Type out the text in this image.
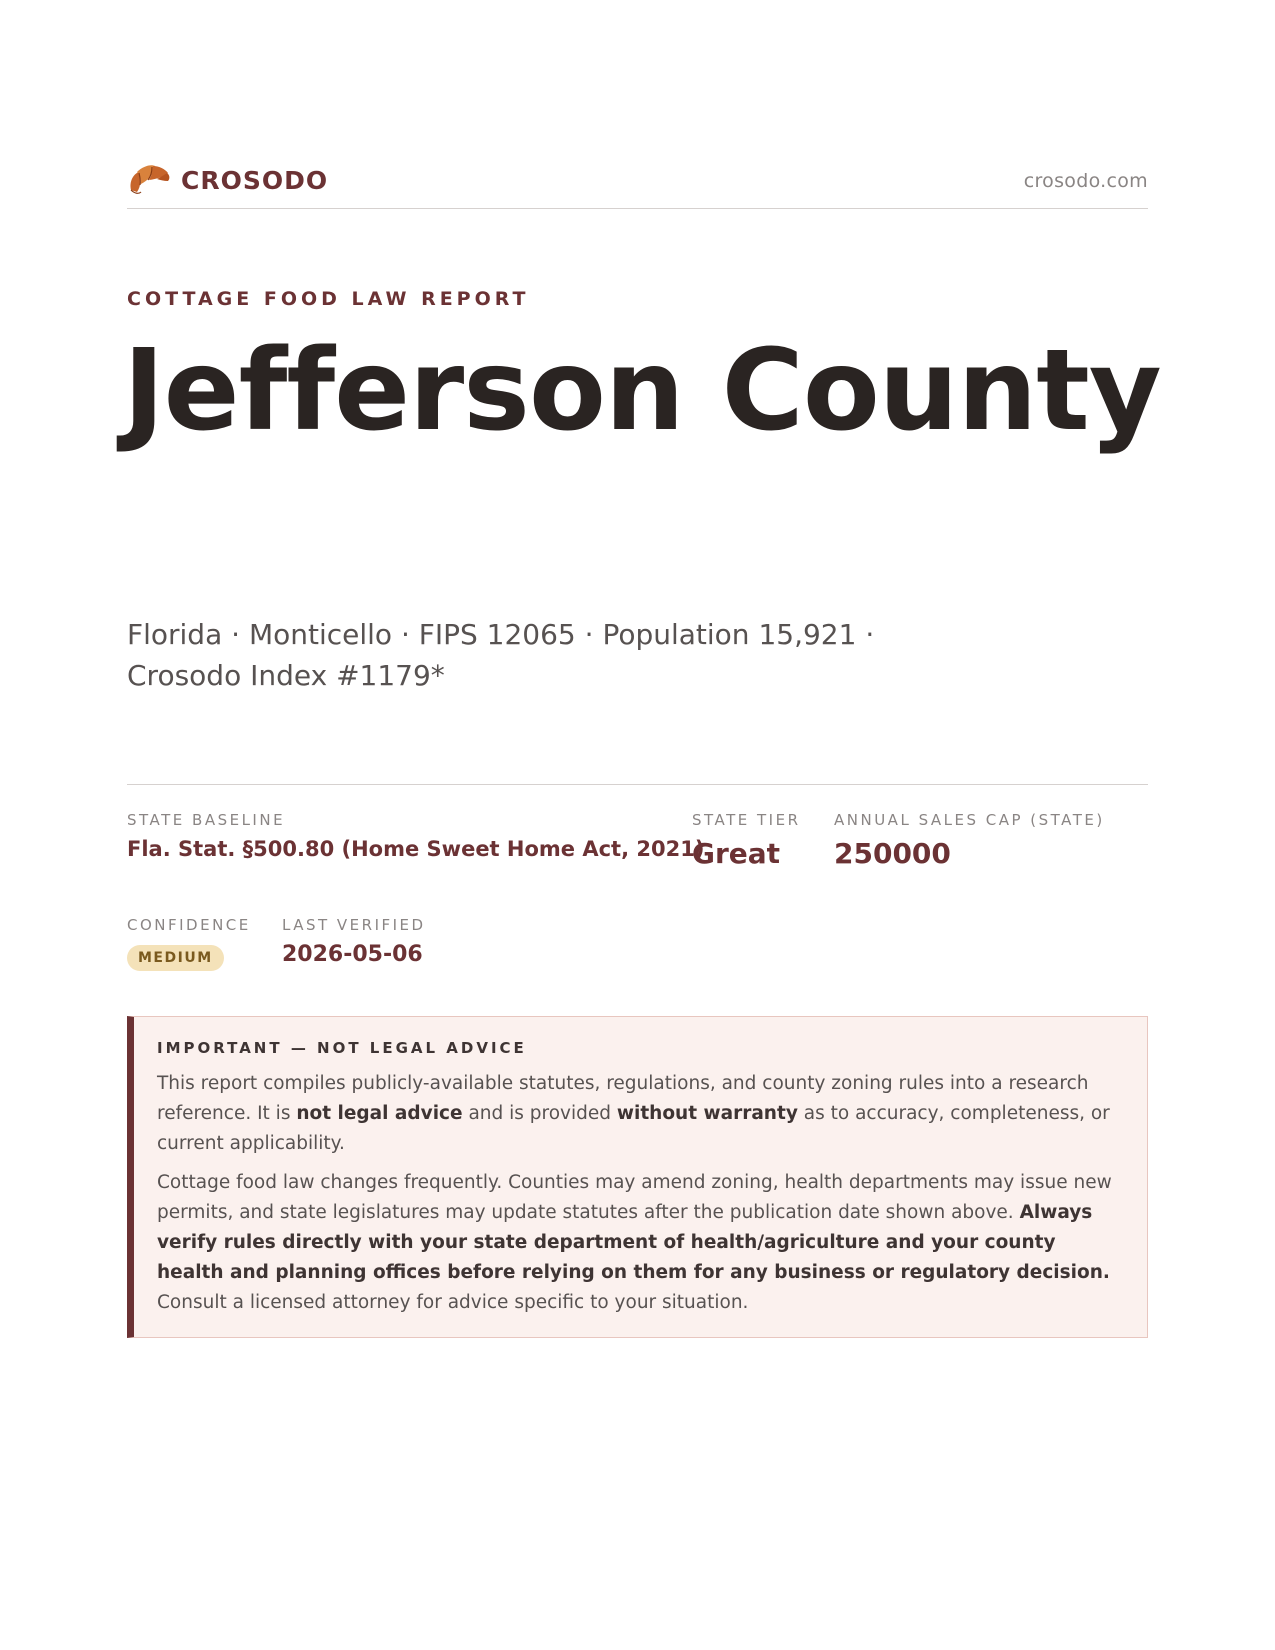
CROSODO	crosodo.com
COTTAGE FOOD LAW REPORT
Jefferson County
Florida · Monticello · FIPS 12065 · Population 15,921 · Crosodo Index #1179*
STATE BASELINE
Fla. Stat. §500.80 (Home Sweet Home Act, 2021)
STATE TIER
Great
ANNUAL SALES CAP (STATE)
250000
CONFIDENCE
MEDIUM
LAST VERIFIED
2026-05-06
IMPORTANT — NOT LEGAL ADVICE

This report compiles publicly-available statutes, regulations, and county zoning rules into a research reference. It is not legal advice and is provided without warranty as to accuracy, completeness, or current applicability.

Cottage food law changes frequently. Counties may amend zoning, health departments may issue new permits, and state legislatures may update statutes after the publication date shown above. Always verify rules directly with your state department of health/agriculture and your county health and planning offices before relying on them for any business or regulatory decision. Consult a licensed attorney for advice specific to your situation.
